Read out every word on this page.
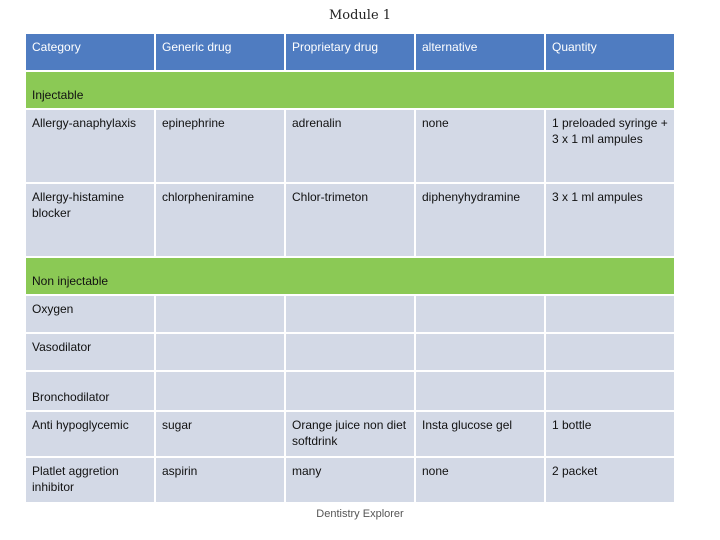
Module 1
Category	Generic drug	Proprietary drug	alternative	Quantity
Injectable				
Allergy-anaphylaxis	epinephrine	adrenalin	none	1 preloaded syringe + 3 x 1 ml ampules
Allergy-histamine blocker	chlorpheniramine	Chlor-trimeton	diphenyhydramine	3 x 1 ml ampules
Non injectable				
Oxygen				
Vasodilator				
Bronchodilator				
Anti hypoglycemic	sugar	Orange juice non diet softdrink	Insta glucose gel	1 bottle
Platlet aggretion inhibitor	aspirin	many	none	2 packet
Dentistry Explorer
